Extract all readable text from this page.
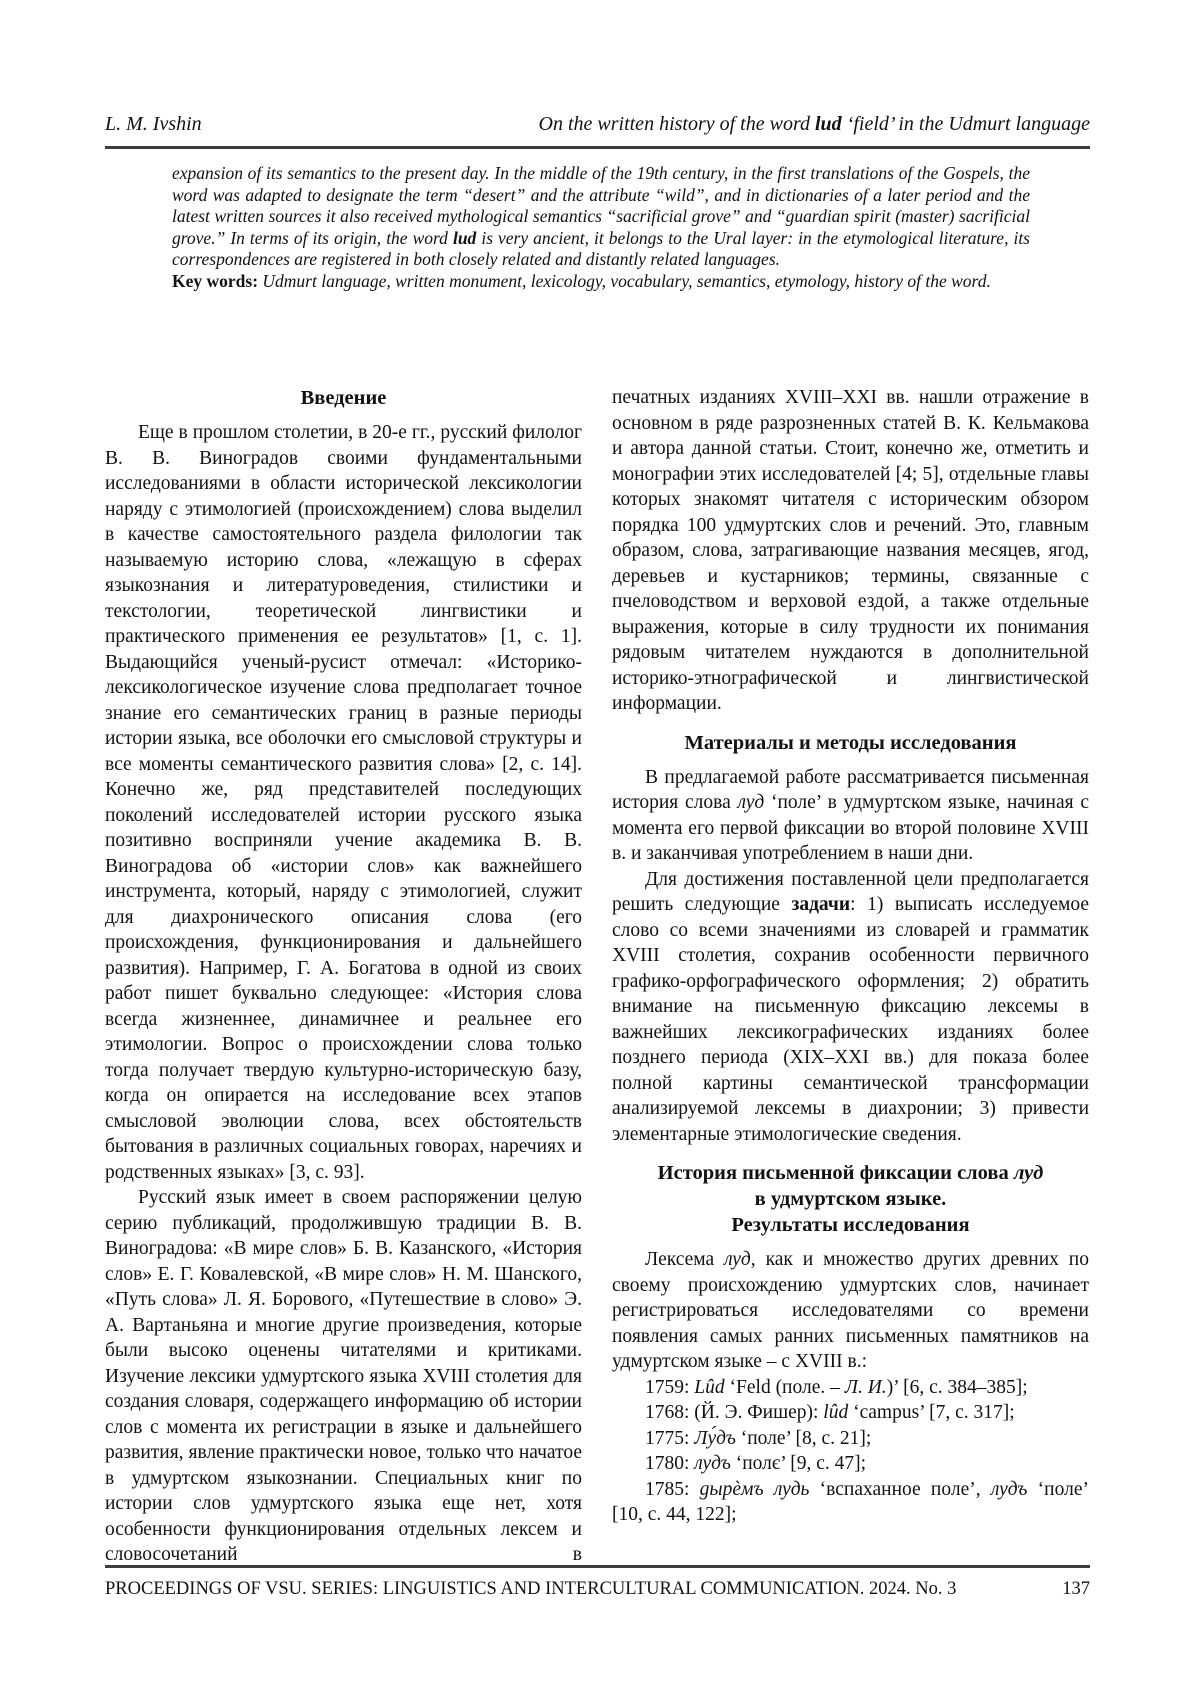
L. M. Ivshin	On the written history of the word lud ‘field’ in the Udmurt language

expansion of its semantics to the present day. In the middle of the 19th century, in the first translations of the Gospels, the word was adapted to designate the term “desert” and the attribute “wild”, and in dictionaries of a later period and the latest written sources it also received mythological semantics “sacrificial grove” and “guardian spirit (master) sacrificial grove.” In terms of its origin, the word lud is very ancient, it belongs to the Ural layer: in the etymological literature, its correspondences are registered in both closely related and distantly related languages.

Key words: Udmurt language, written monument, lexicology, vocabulary, semantics, etymology, history of the word.

Введение

Еще в прошлом столетии, в 20-е гг., русский филолог В. В. Виноградов своими фундаментальными исследованиями в области исторической лексикологии наряду с этимологией (происхождением) слова выделил в качестве самостоятельного раздела филологии так называемую историю слова, «лежащую в сферах языкознания и литературоведения, стилистики и текстологии, теоретической лингвистики и практического применения ее результатов» [1, с. 1]. Выдающийся ученый-русист отмечал: «Историко-лексикологическое изучение слова предполагает точное знание его семантических границ в разные периоды истории языка, все оболочки его смысловой структуры и все моменты семантического развития слова» [2, с. 14]. Конечно же, ряд представителей последующих поколений исследователей истории русского языка позитивно восприняли учение академика В. В. Виноградова об «истории слов» как важнейшего инструмента, который, наряду с этимологией, служит для диахронического описания слова (его происхождения, функционирования и дальнейшего развития). Например, Г. А. Богатова в одной из своих работ пишет буквально следующее: «История слова всегда жизненнее, динамичнее и реальнее его этимологии. Вопрос о происхождении слова только тогда получает твердую культурно-историческую базу, когда он опирается на исследование всех этапов смысловой эволюции слова, всех обстоятельств бытования в различных социальных говорах, наречиях и родственных языках» [3, с. 93].

Русский язык имеет в своем распоряжении целую серию публикаций, продолжившую традиции В. В. Виноградова: «В мире слов» Б. В. Казанского, «История слов» Е. Г. Ковалевской, «В мире слов» Н. М. Шанского, «Путь слова» Л. Я. Борового, «Путешествие в слово» Э. А. Вартаньяна и многие другие произведения, которые были высоко оценены читателями и критиками. Изучение лексики удмуртского языка XVIII столетия для создания словаря, содержащего информацию об истории слов с момента их регистрации в языке и дальнейшего развития, явление практически новое, только что начатое в удмуртском языкознании. Специальных книг по истории слов удмуртского языка еще нет, хотя особенности функционирования отдельных лексем и словосочетаний в

печатных изданиях XVIII–XXI вв. нашли отражение в основном в ряде разрозненных статей В. К. Кельмакова и автора данной статьи. Стоит, конечно же, отметить и монографии этих исследователей [4; 5], отдельные главы которых знакомят читателя с историческим обзором порядка 100 удмуртских слов и речений. Это, главным образом, слова, затрагивающие названия месяцев, ягод, деревьев и кустарников; термины, связанные с пчеловодством и верховой ездой, а также отдельные выражения, которые в силу трудности их понимания рядовым читателем нуждаются в дополнительной историко-этнографической и лингвистической информации.

Материалы и методы исследования

В предлагаемой работе рассматривается письменная история слова луд ‘поле’ в удмуртском языке, начиная с момента его первой фиксации во второй половине XVIII в. и заканчивая употреблением в наши дни.

Для достижения поставленной цели предполагается решить следующие задачи: 1) выписать исследуемое слово со всеми значениями из словарей и грамматик XVIII столетия, сохранив особенности первичного графико-орфографического оформления; 2) обратить внимание на письменную фиксацию лексемы в важнейших лексикографических изданиях более позднего периода (XIX–XXI вв.) для показа более полной картины семантической трансформации анализируемой лексемы в диахронии; 3) привести элементарные этимологические сведения.

История письменной фиксации слова луд
в удмуртском языке.
Результаты исследования

Лексема луд, как и множество других древних по своему происхождению удмуртских слов, начинает регистрироваться исследователями со времени появления самых ранних письменных памятников на удмуртском языке – с XVIII в.:

1759: Lûd ‘Feld (поле. – Л. И.)’ [6, с. 384–385];

1768: (Й. Э. Фишер): lûd ‘campus’ [7, с. 317];

1775: Лу́дъ ‘поле’ [8, с. 21];

1780: лудъ ‘полє’ [9, с. 47];

1785: gырѐмъ лудь ‘вспаханное поле’, лудъ ‘поле’ [10, с. 44, 122];

PROCEEDINGS OF VSU. SERIES: LINGUISTICS AND INTERCULTURAL COMMUNICATION. 2024. No. 3	137
